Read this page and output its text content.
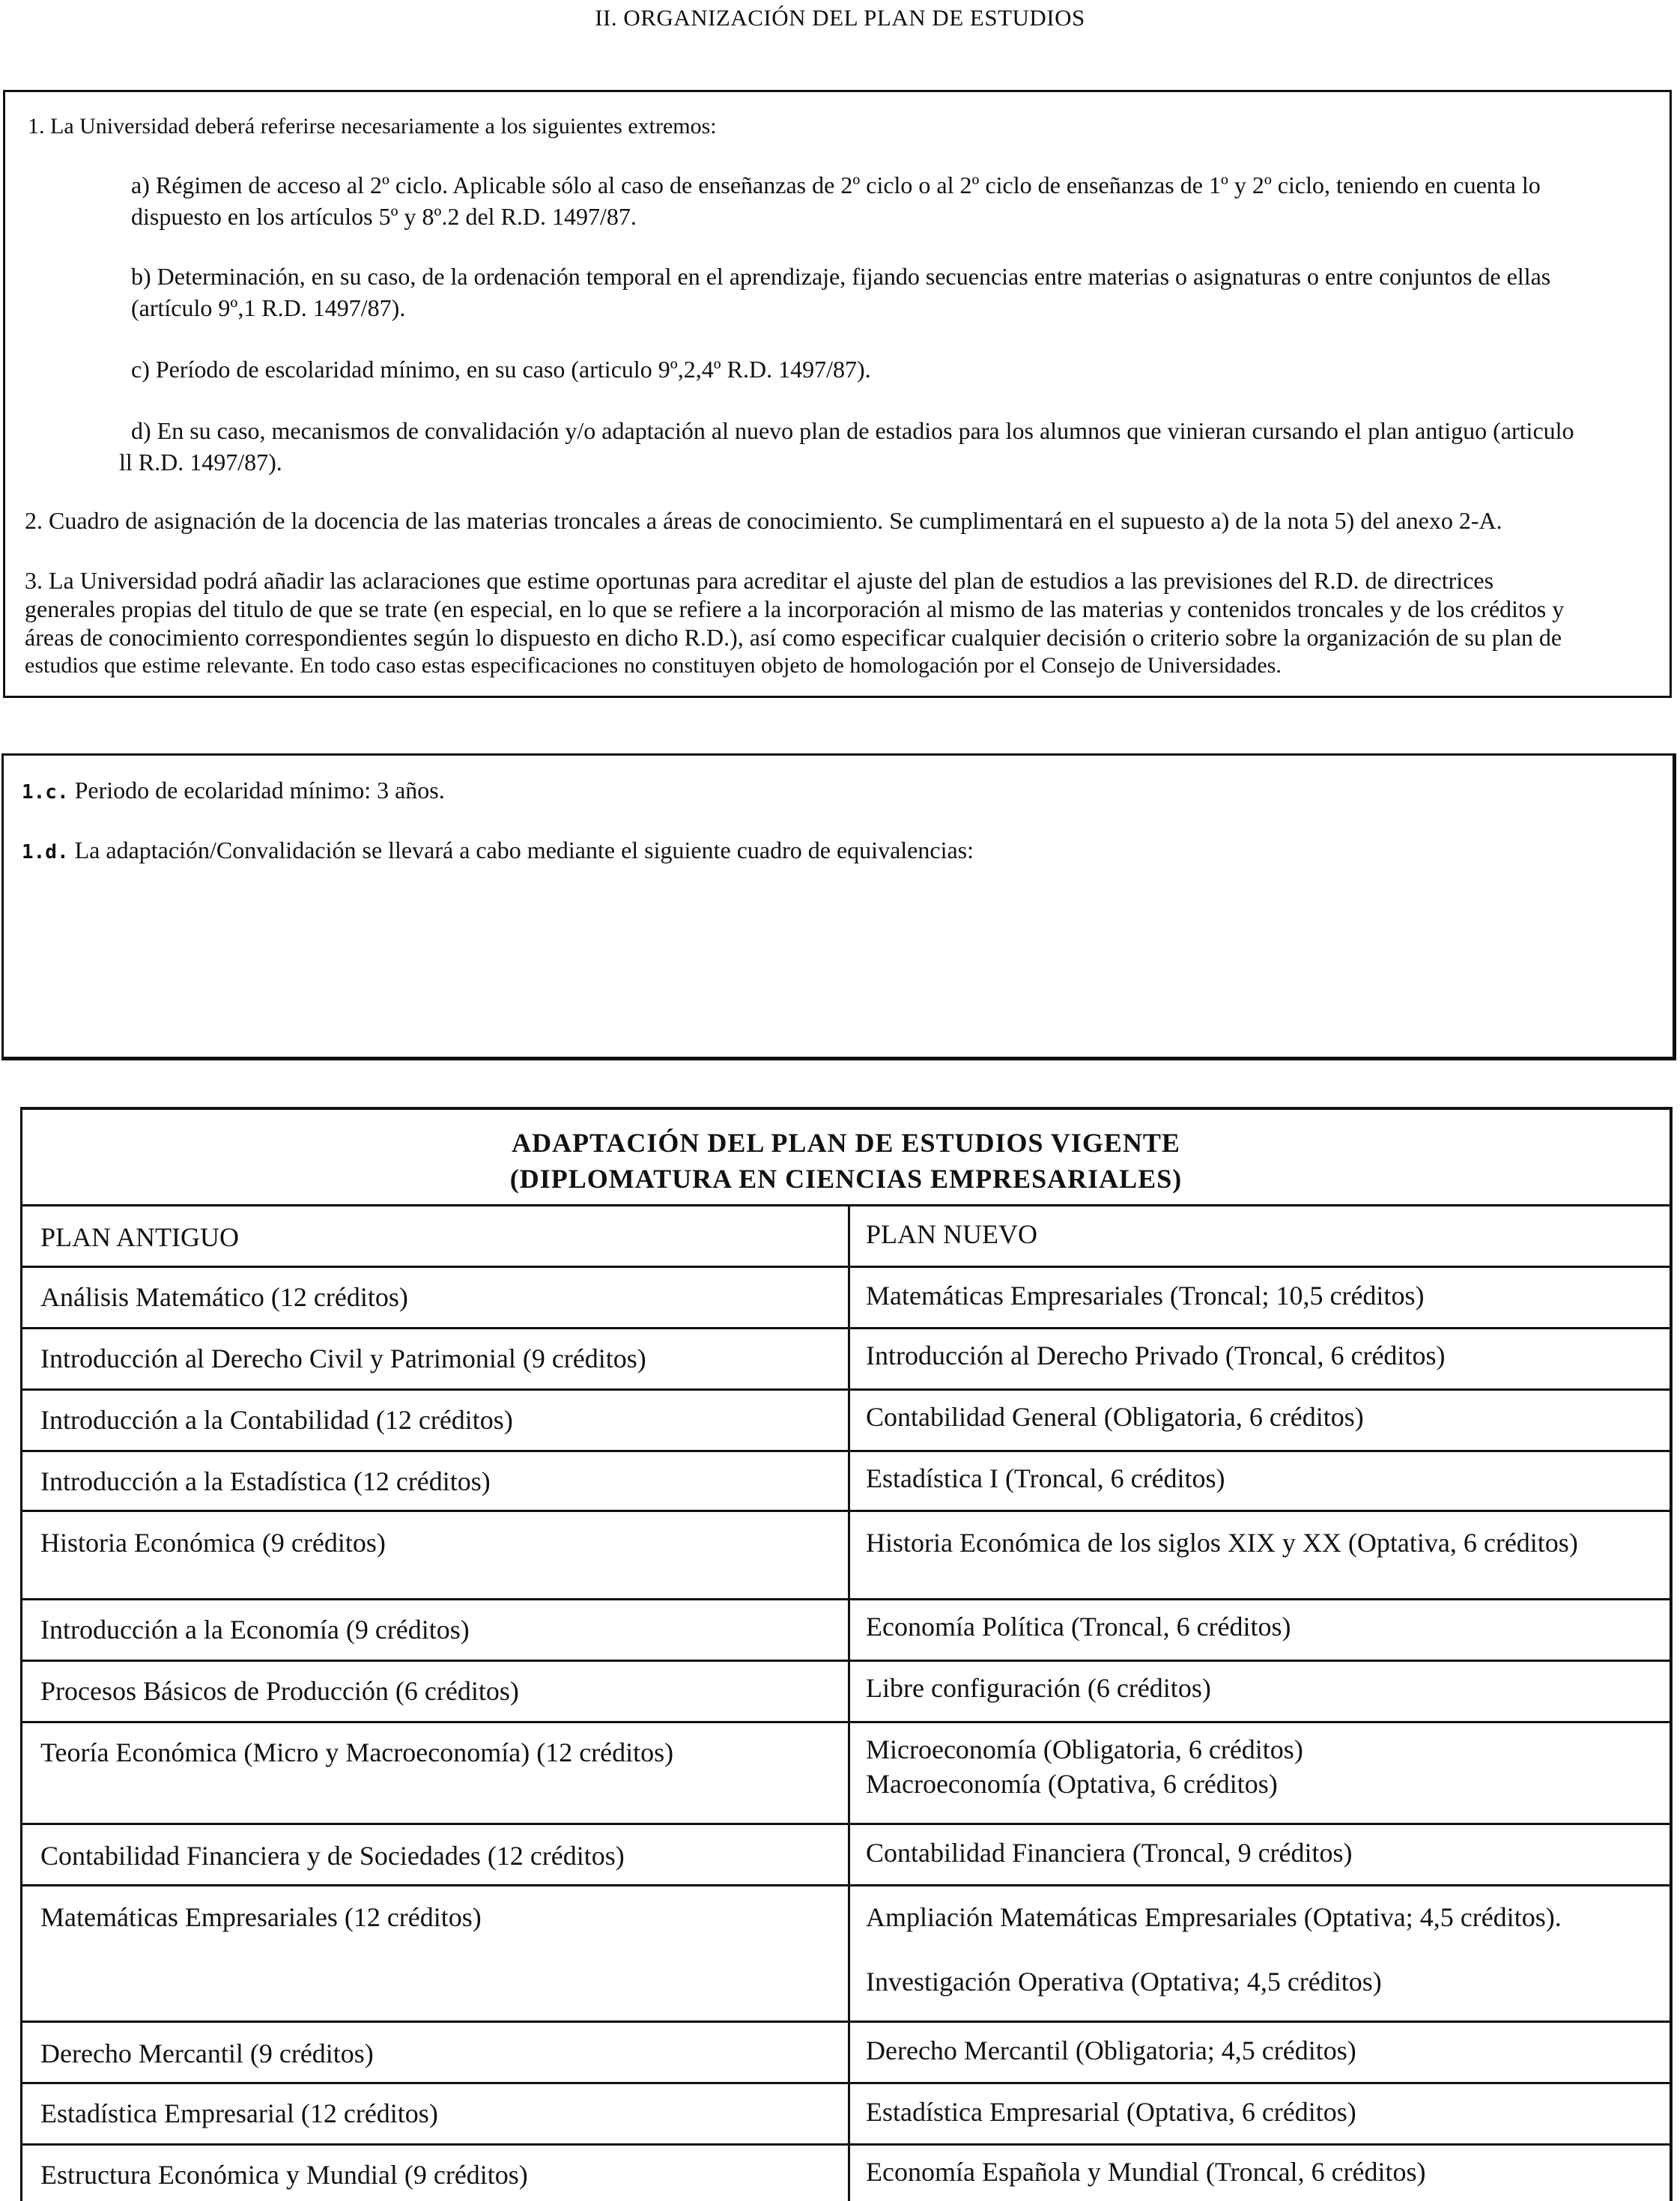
II. ORGANIZACIÓN DEL PLAN DE ESTUDIOS
1. La Universidad deberá referirse necesariamente a los siguientes extremos:
a) Régimen de acceso al 2º ciclo. Aplicable sólo al caso de enseñanzas de 2º ciclo o al 2º ciclo de enseñanzas de 1º y 2º ciclo, teniendo en cuenta lo
dispuesto en los artículos 5º y 8º.2 del R.D. 1497/87.
b) Determinación, en su caso, de la ordenación temporal en el aprendizaje, fijando secuencias entre materias o asignaturas o entre conjuntos de ellas
(artículo 9º,1 R.D. 1497/87).
c) Período de escolaridad mínimo, en su caso (articulo 9º,2,4º R.D. 1497/87).
d) En su caso, mecanismos de convalidación y/o adaptación al nuevo plan de estadios para los alumnos que vinieran cursando el plan antiguo (articulo
ll R.D. 1497/87).
2. Cuadro de asignación de la docencia de las materias troncales a áreas de conocimiento. Se cumplimentará en el supuesto a) de la nota 5) del anexo 2-A.
3. La Universidad podrá añadir las aclaraciones que estime oportunas para acreditar el ajuste del plan de estudios a las previsiones del R.D. de directrices
generales propias del titulo de que se trate (en especial, en lo que se refiere a la incorporación al mismo de las materias y contenidos troncales y de los créditos y
áreas de conocimiento correspondientes según lo dispuesto en dicho R.D.), así como especificar cualquier decisión o criterio sobre la organización de su plan de
estudios que estime relevante. En todo caso estas especificaciones no constituyen objeto de homologación por el Consejo de Universidades.
1.c. Periodo de ecolaridad mínimo: 3 años.
1.d. La adaptación/Convalidación se llevará a cabo mediante el siguiente cuadro de equivalencias:
ADAPTACIÓN DEL PLAN DE ESTUDIOS VIGENTE
(DIPLOMATURA EN CIENCIAS EMPRESARIALES)
PLAN ANTIGUO	PLAN NUEVO
Análisis Matemático (12 créditos)	Matemáticas Empresariales (Troncal; 10,5 créditos)
Introducción al Derecho Civil y Patrimonial (9 créditos)	Introducción al Derecho Privado (Troncal, 6 créditos)
Introducción a la Contabilidad (12 créditos)	Contabilidad General (Obligatoria, 6 créditos)
Introducción a la Estadística (12 créditos)	Estadística I (Troncal, 6 créditos)
Historia Económica (9 créditos)	Historia Económica de los siglos XIX y XX (Optativa, 6 créditos)
Introducción a la Economía (9 créditos)	Economía Política (Troncal, 6 créditos)
Procesos Básicos de Producción (6 créditos)	Libre configuración (6 créditos)
Teoría Económica (Micro y Macroeconomía) (12 créditos)	Microeconomía (Obligatoria, 6 créditos)
Macroeconomía (Optativa, 6 créditos)
Contabilidad Financiera y de Sociedades (12 créditos)	Contabilidad Financiera (Troncal, 9 créditos)
Matemáticas Empresariales (12 créditos)	Ampliación Matemáticas Empresariales (Optativa; 4,5 créditos).
Investigación Operativa (Optativa; 4,5 créditos)
Derecho Mercantil (9 créditos)	Derecho Mercantil (Obligatoria; 4,5 créditos)
Estadística Empresarial (12 créditos)	Estadística Empresarial (Optativa, 6 créditos)
Estructura Económica y Mundial (9 créditos)	Economía Española y Mundial (Troncal, 6 créditos)
